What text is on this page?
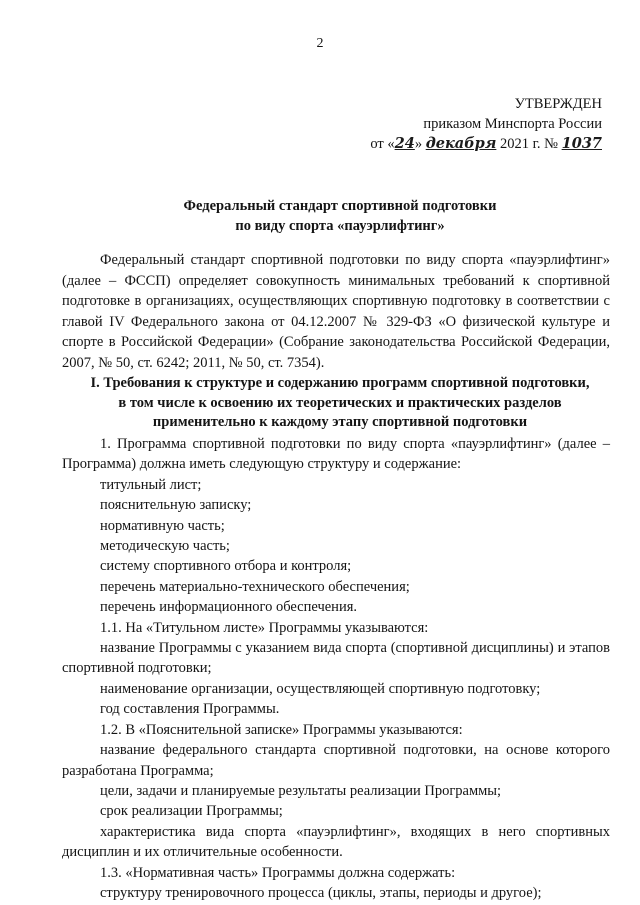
2
УТВЕРЖДЕН
приказом Минспорта России
от «24» декабря 2021 г. № 1037
Федеральный стандарт спортивной подготовки
по виду спорта «пауэрлифтинг»
Федеральный стандарт спортивной подготовки по виду спорта «пауэрлифтинг» (далее – ФССП) определяет совокупность минимальных требований к спортивной подготовке в организациях, осуществляющих спортивную подготовку в соответствии с главой IV Федерального закона от 04.12.2007 № 329-ФЗ «О физической культуре и спорте в Российской Федерации» (Собрание законодательства Российской Федерации, 2007, № 50, ст. 6242; 2011, № 50, ст. 7354).
I. Требования к структуре и содержанию программ спортивной подготовки,
в том числе к освоению их теоретических и практических разделов
применительно к каждому этапу спортивной подготовки

1. Программа спортивной подготовки по виду спорта «пауэрлифтинг» (далее – Программа) должна иметь следующую структуру и содержание:

титульный лист;

пояснительную записку;

нормативную часть;

методическую часть;

систему спортивного отбора и контроля;

перечень материально-технического обеспечения;

перечень информационного обеспечения.

1.1. На «Титульном листе» Программы указываются:

название Программы с указанием вида спорта (спортивной дисциплины) и этапов спортивной подготовки;

наименование организации, осуществляющей спортивную подготовку;

год составления Программы.

1.2. В «Пояснительной записке» Программы указываются:

название федерального стандарта спортивной подготовки, на основе которого разработана Программа;

цели, задачи и планируемые результаты реализации Программы;

срок реализации Программы;

характеристика вида спорта «пауэрлифтинг», входящих в него спортивных дисциплин и их отличительные особенности.

1.3. «Нормативная часть» Программы должна содержать:

структуру тренировочного процесса (циклы, этапы, периоды и другое);
